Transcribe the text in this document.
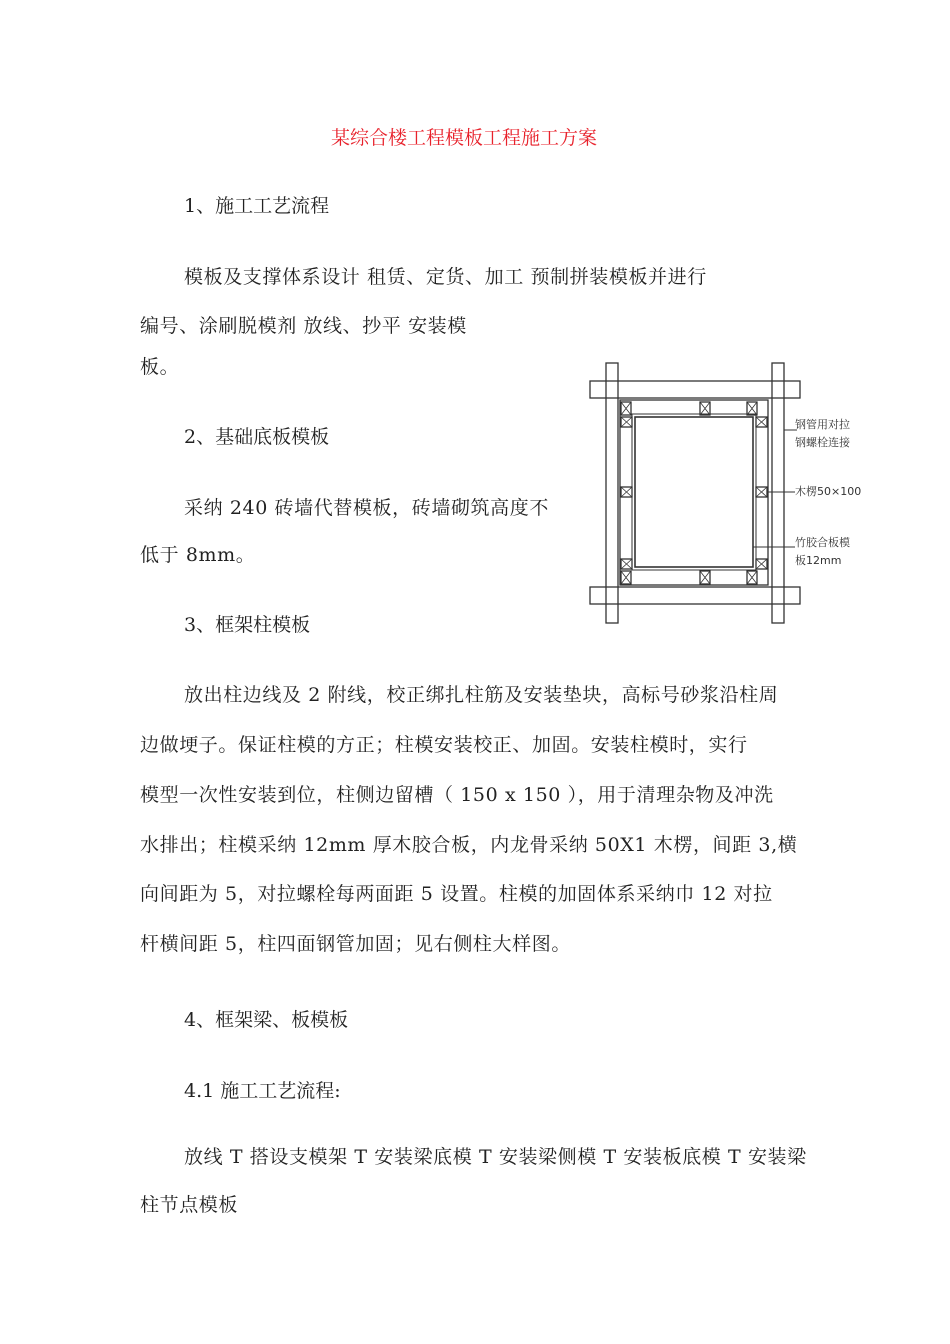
某综合楼工程模板工程施工方案
1、施工工艺流程
模板及支撑体系设计 租赁、定货、加工 预制拼装模板并进行
编号、涂刷脱模剂 放线、抄平 安装模
板。
2、基础底板模板
采纳 240 砖墙代替模板，砖墙砌筑高度不
低于 8mm。
3、框架柱模板
放出柱边线及 2 附线，校正绑扎柱筋及安装垫块，高标号砂浆沿柱周
边做埂子。保证柱模的方正；柱模安装校正、加固。安装柱模时，实行
模型一次性安装到位，柱侧边留槽（ 150 x 150 ），用于清理杂物及冲洗
水排出；柱模采纳 12mm 厚木胶合板，内龙骨采纳 50X1 木楞，间距 3,横
向间距为 5，对拉螺栓每两面距 5 设置。柱模的加固体系采纳巾 12 对拉
杆横间距 5，柱四面钢管加固；见右侧柱大样图。
4、框架梁、板模板
4.1 施工工艺流程:
放线 T 搭设支模架 T 安装梁底模 T 安装梁侧模 T 安装板底模 T 安装梁
柱节点模板
钢管用对拉
钢螺栓连接
木楞50×100
竹胶合板模
板12mm
